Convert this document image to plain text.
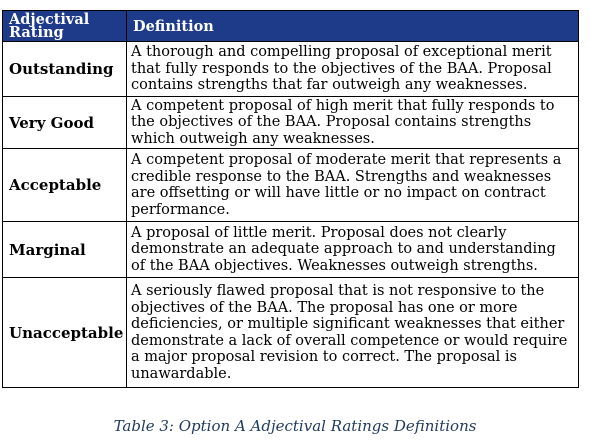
Adjectival Rating	Definition
Outstanding	A thorough and compelling proposal of exceptional merit that fully responds to the objectives of the BAA. Proposal contains strengths that far outweigh any weaknesses.
Very Good	A competent proposal of high merit that fully responds to the objectives of the BAA. Proposal contains strengths which outweigh any weaknesses.
Acceptable	A competent proposal of moderate merit that represents a credible response to the BAA. Strengths and weaknesses are offsetting or will have little or no impact on contract performance.
Marginal	A proposal of little merit. Proposal does not clearly demonstrate an adequate approach to and understanding of the BAA objectives. Weaknesses outweigh strengths.
Unacceptable	A seriously flawed proposal that is not responsive to the objectives of the BAA. The proposal has one or more deficiencies, or multiple significant weaknesses that either demonstrate a lack of overall competence or would require a major proposal revision to correct. The proposal is unawardable.
Table 3: Option A Adjectival Ratings Definitions
